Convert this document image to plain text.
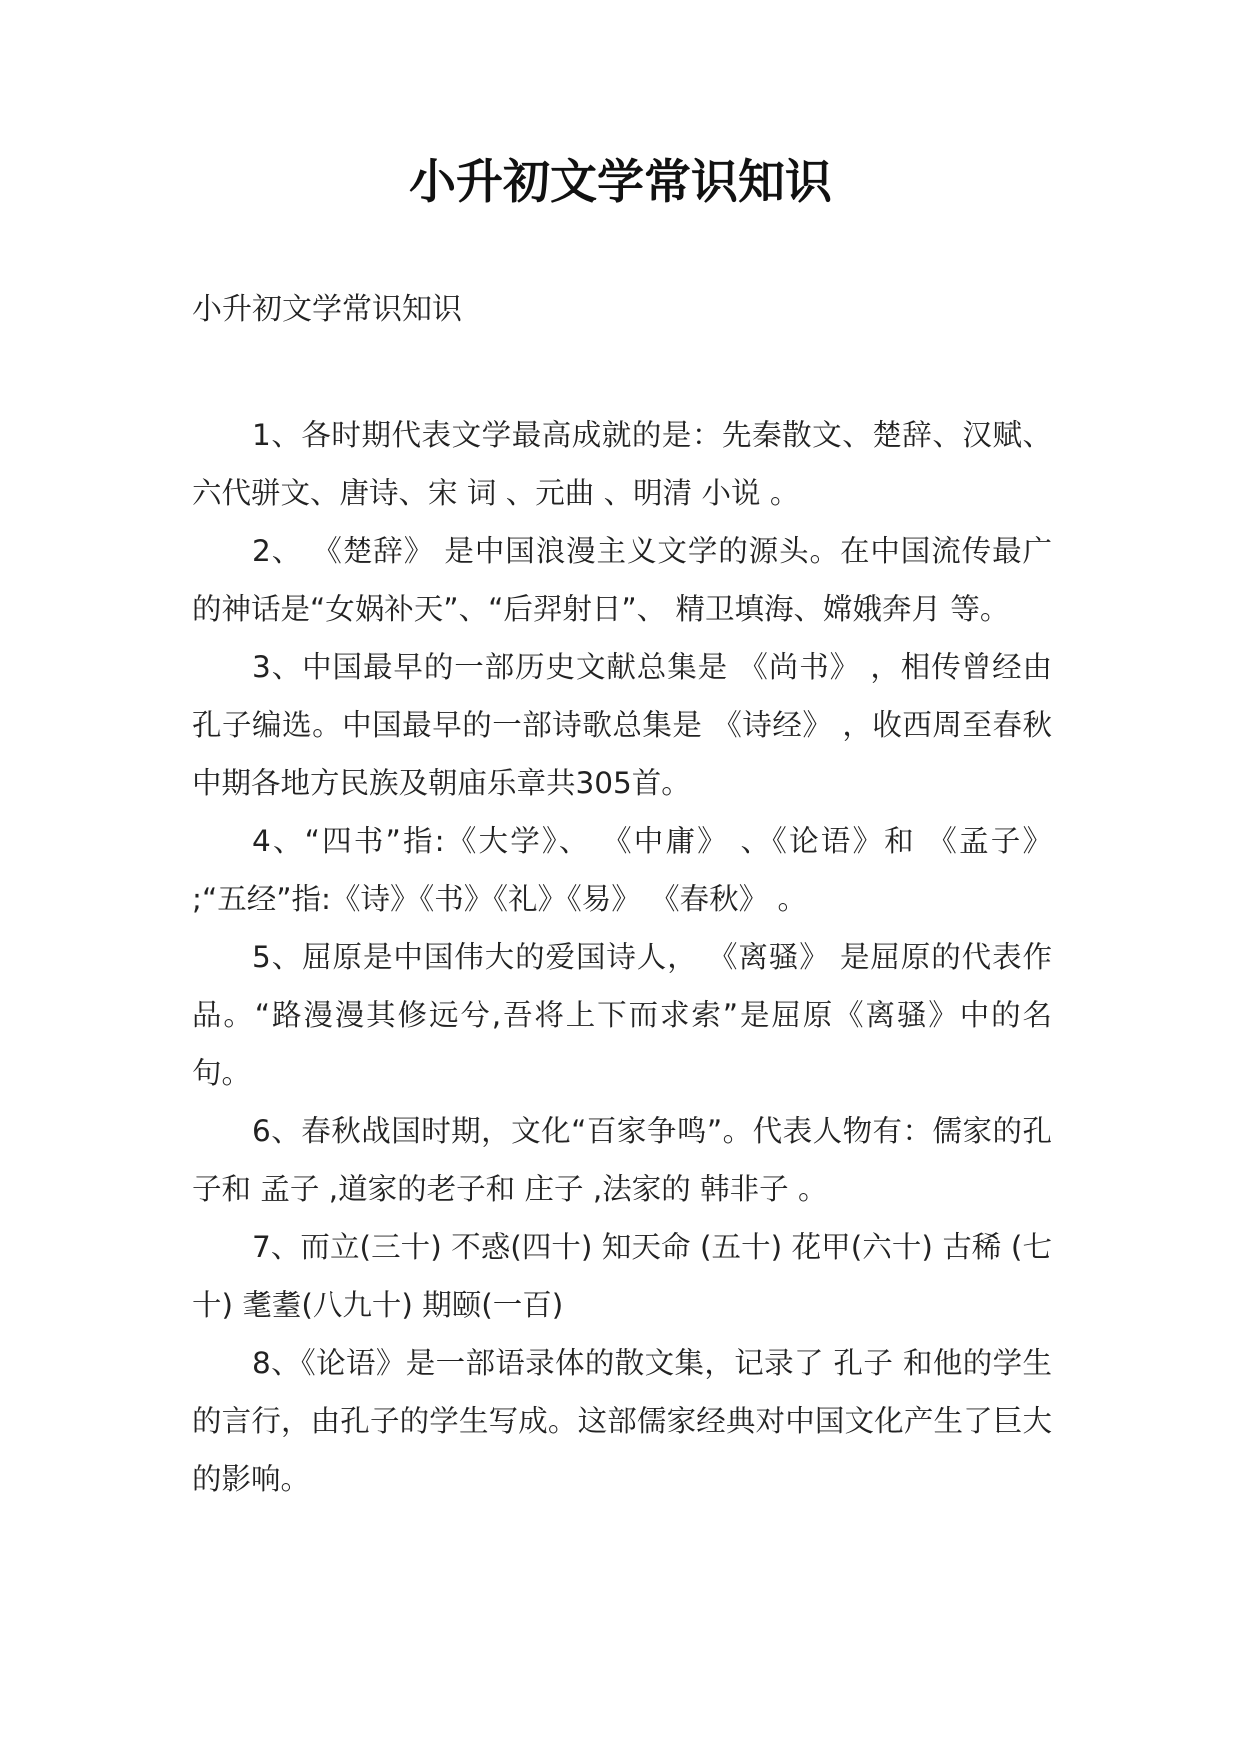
小升初文学常识知识

小升初文学常识知识

1、各时期代表文学最高成就的是：先秦散文、楚辞、汉赋、六代骈文、唐诗、宋 词 、元曲 、明清 小说 。

2、 《楚辞》 是中国浪漫主义文学的源头。在中国流传最广的神话是“女娲补天”、“后羿射日”、 精卫填海、嫦娥奔月 等。

3、中国最早的一部历史文献总集是 《尚书》 ，相传曾经由孔子编选。中国最早的一部诗歌总集是 《诗经》 ，收西周至春秋中期各地方民族及朝庙乐章共305首。

4、“四书”指:《大学》、 《中庸》 、《论语》和 《孟子》 ;“五经”指:《诗》《书》《礼》《易》 《春秋》 。

5、屈原是中国伟大的爱国诗人， 《离骚》 是屈原的代表作品。“路漫漫其修远兮,吾将上下而求索”是屈原《离骚》中的名句。

6、春秋战国时期，文化“百家争鸣”。代表人物有：儒家的孔子和 孟子 ,道家的老子和 庄子 ,法家的 韩非子 。

7、而立(三十) 不惑(四十) 知天命 (五十) 花甲(六十) 古稀 (七十) 耄耋(八九十) 期颐(一百)

8、《论语》是一部语录体的散文集，记录了 孔子 和他的学生的言行，由孔子的学生写成。这部儒家经典对中国文化产生了巨大的影响。
